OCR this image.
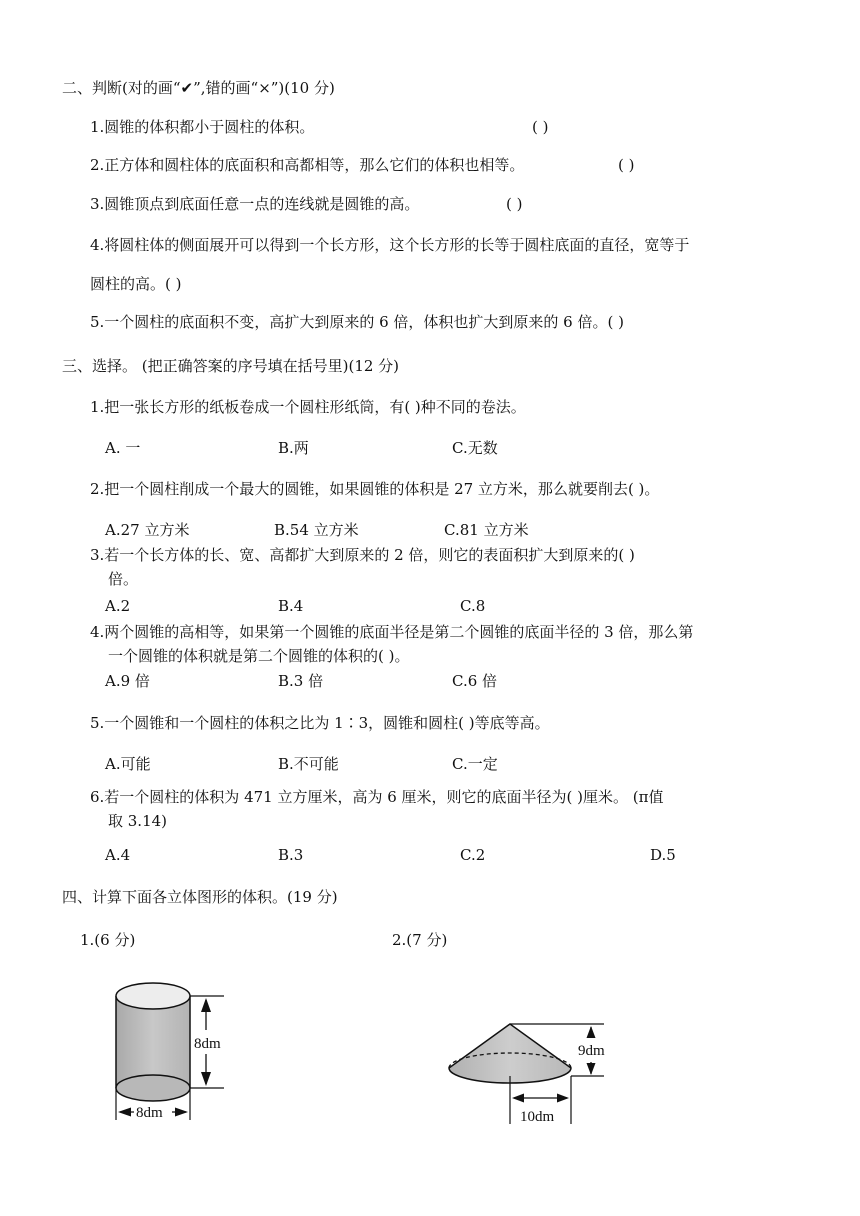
二、判断(对的画“✔”,错的画“×”)(10 分)
1.圆锥的体积都小于圆柱的体积。	( )
2.正方体和圆柱体的底面积和高都相等，那么它们的体积也相等。	( )
3.圆锥顶点到底面任意一点的连线就是圆锥的高。	( )
4.将圆柱体的侧面展开可以得到一个长方形，这个长方形的长等于圆柱底面的直径，宽等于
圆柱的高。( )
5.一个圆柱的底面积不变，高扩大到原来的 6 倍，体积也扩大到原来的 6 倍。( )
三、选择。 (把正确答案的序号填在括号里)(12 分)
1.把一张长方形的纸板卷成一个圆柱形纸筒，有( )种不同的卷法。
A. 一	B.两	C.无数
2.把一个圆柱削成一个最大的圆锥，如果圆锥的体积是 27 立方米，那么就要削去( )。
A.27 立方米	B.54 立方米	C.81 立方米
3.若一个长方体的长、宽、高都扩大到原来的 2 倍，则它的表面积扩大到原来的( )
倍。
A.2	B.4	C.8
4.两个圆锥的高相等，如果第一个圆锥的底面半径是第二个圆锥的底面半径的 3 倍，那么第
一个圆锥的体积就是第二个圆锥的体积的( )。
A.9 倍	B.3 倍	C.6 倍
5.一个圆锥和一个圆柱的体积之比为 1∶3，圆锥和圆柱( )等底等高。
A.可能	B.不可能	C.一定
6.若一个圆柱的体积为 471 立方厘米，高为 6 厘米，则它的底面半径为( )厘米。 (π值
取 3.14)
A.4	B.3	C.2	D.5
四、计算下面各立体图形的体积。(19 分)
1.(6 分)	2.(7 分)
8dm
8dm
9dm
10dm
